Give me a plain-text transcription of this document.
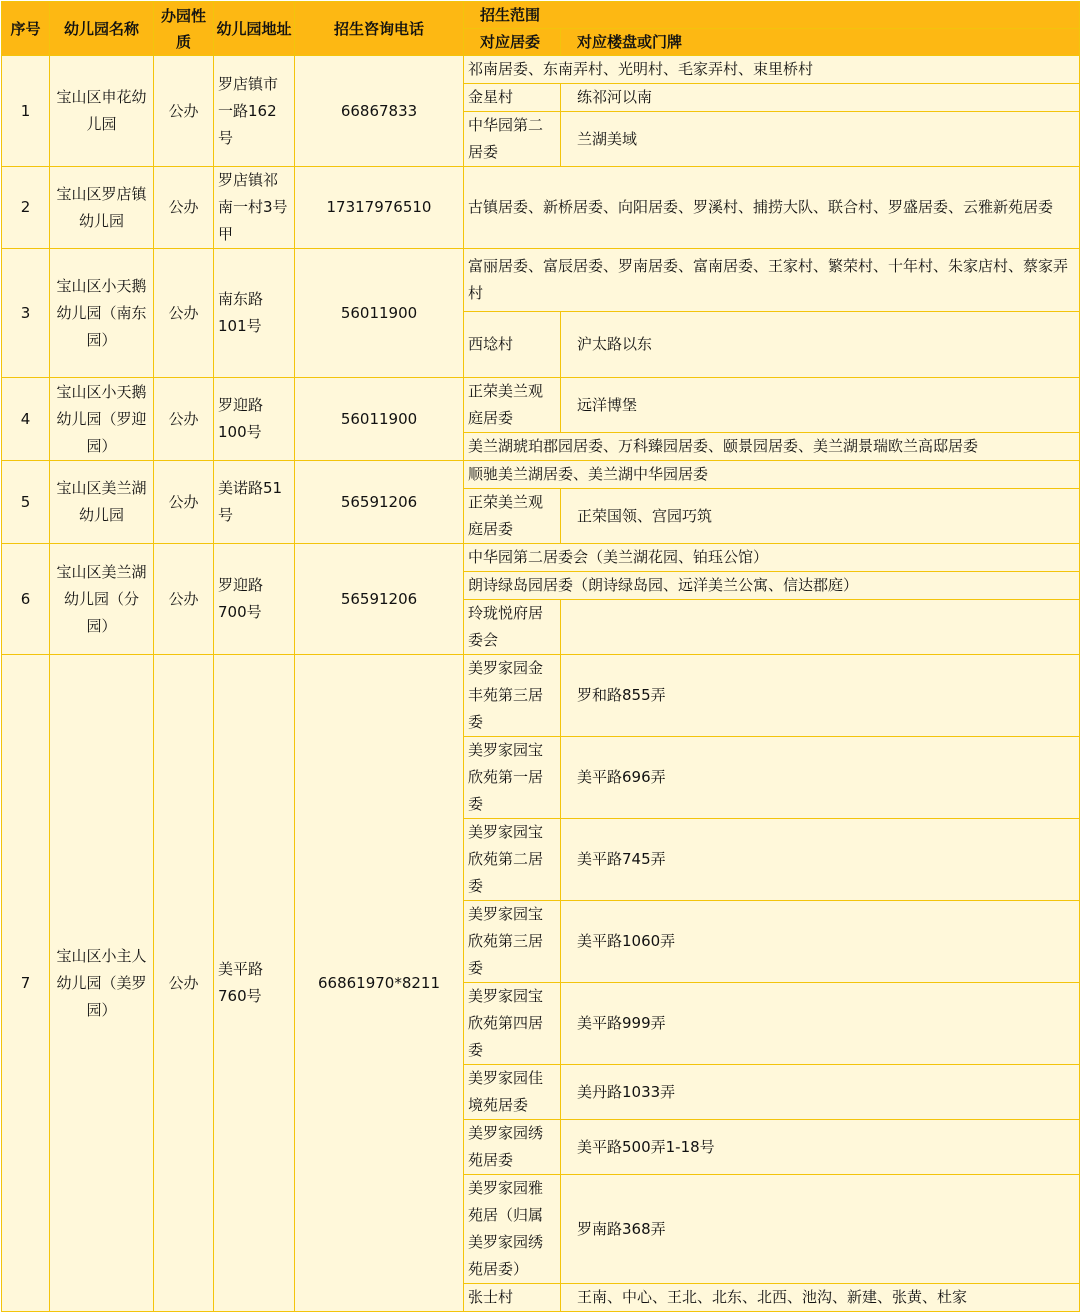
序号	幼儿园名称	办园性质	幼儿园地址	招生咨询电话	招生范围	
					对应居委	对应楼盘或门牌
1	宝山区申花幼儿园	公办	罗店镇市一路162号	66867833	祁南居委、东南弄村、光明村、毛家弄村、束里桥村	
					金星村	练祁河以南
					中华园第二居委	兰湖美域
2	宝山区罗店镇幼儿园	公办	罗店镇祁南一村3号甲	17317976510	古镇居委、新桥居委、向阳居委、罗溪村、捕捞大队、联合村、罗盛居委、云雅新苑居委	
3	宝山区小天鹅幼儿园（南东园）	公办	南东路101号	56011900	富丽居委、富辰居委、罗南居委、富南居委、王家村、繁荣村、十年村、朱家店村、蔡家弄村	
					西埝村	沪太路以东
4	宝山区小天鹅幼儿园（罗迎园）	公办	罗迎路100号	56011900	正荣美兰观庭居委	远洋博堡
					美兰湖琥珀郡园居委、万科臻园居委、颐景园居委、美兰湖景瑞欧兰高邸居委	
5	宝山区美兰湖幼儿园	公办	美诺路51号	56591206	顺驰美兰湖居委、美兰湖中华园居委	
					正荣美兰观庭居委	正荣国领、宫园巧筑
6	宝山区美兰湖幼儿园（分园）	公办	罗迎路700号	56591206	中华园第二居委会（美兰湖花园、铂珏公馆）	
					朗诗绿岛园居委（朗诗绿岛园、远洋美兰公寓、信达郡庭）	
					玲珑悦府居委会	
7	宝山区小主人幼儿园（美罗园）	公办	美平路760号	66861970*8211	美罗家园金丰苑第三居委	罗和路855弄
					美罗家园宝欣苑第一居委	美平路696弄
					美罗家园宝欣苑第二居委	美平路745弄
					美罗家园宝欣苑第三居委	美平路1060弄
					美罗家园宝欣苑第四居委	美平路999弄
					美罗家园佳境苑居委	美丹路1033弄
					美罗家园绣苑居委	美平路500弄1-18号
					美罗家园雅苑居（归属美罗家园绣苑居委）	罗南路368弄
					张士村	王南、中心、王北、北东、北西、池沟、新建、张黄、杜家
